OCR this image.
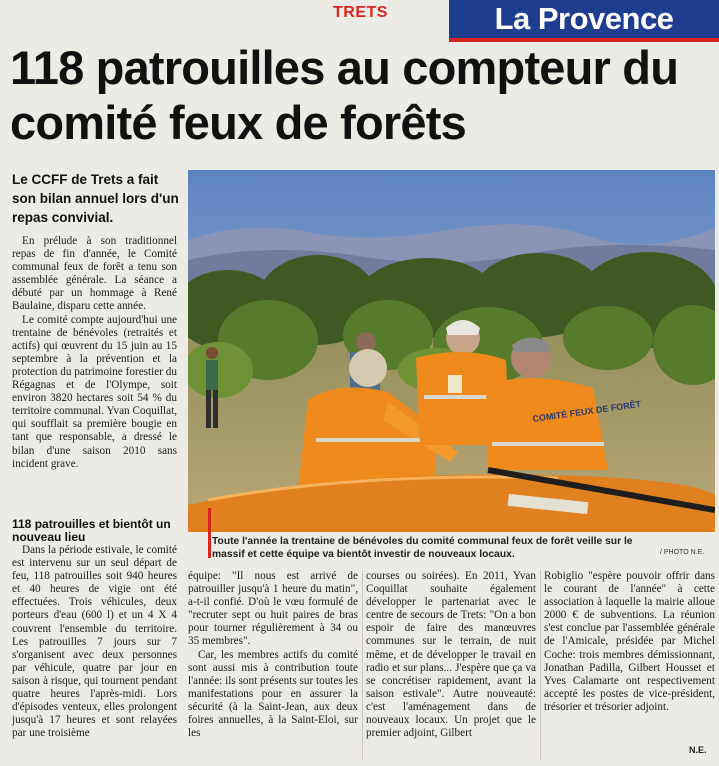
TRETS	La Provence
118 patrouilles au compteur du comité feux de forêts

Le CCFF de Trets a fait son bilan annuel lors d'un repas convivial.

En prélude à son traditionnel repas de fin d'année, le Comité communal feux de forêt a tenu son assemblée générale. La séance a débuté par un hommage à René Baulaine, disparu cette année.

Le comité compte aujourd'hui une trentaine de bénévoles (retraités et actifs) qui œuvrent du 15 juin au 15 septembre à la prévention et la protection du patrimoine forestier du Régagnas et de l'Olympe, soit environ 3820 hectares soit 54 % du territoire communal. Yvan Coquillat, qui soufflait sa première bougie en tant que responsable, a dressé le bilan d'une saison 2010 sans incident grave.

118 patrouilles et bientôt un nouveau lieu

Dans la période estivale, le comité est intervenu sur un seul départ de feu, 118 patrouilles soit 940 heures et 40 heures de vigie ont été effectuées. Trois véhicules, deux porteurs d'eau (600 l) et un 4 X 4 couvrent l'ensemble du territoire. Les patrouilles 7 jours sur 7 s'organisent avec deux personnes par véhicule, quatre par jour en saison à risque, qui tournent pendant quatre heures l'après-midi. Lors d'épisodes venteux, elles prolongent jusqu'à 17 heures et sont relayées par une troisième

COMITÉ FEUX DE FORÊT

Toute l'année la trentaine de bénévoles du comité communal feux de forêt veille sur le massif et cette équipe va bientôt investir de nouveaux locaux.	/ PHOTO N.E.

équipe: "Il nous est arrivé de patrouiller jusqu'à 1 heure du matin", a-t-il confié. D'où le vœu formulé de "recruter sept ou huit paires de bras pour tourner régulièrement à 34 ou 35 membres".

Car, les membres actifs du comité sont aussi mis à contribution toute l'année: ils sont présents sur toutes les manifestations pour en assurer la sécurité (à la Saint-Jean, aux deux foires annuelles, à la Saint-Eloi, sur les

courses ou soirées). En 2011, Yvan Coquillat souhaite également développer le partenariat avec le centre de secours de Trets: "On a bon espoir de faire des manœuvres communes sur le terrain, de nuit même, et de développer le travail en radio et sur plans... J'espère que ça va se concrétiser rapidement, avant la saison estivale". Autre nouveauté: c'est l'aménagement dans de nouveaux locaux. Un projet que le premier adjoint, Gilbert

Robiglio "espère pouvoir offrir dans le courant de l'année" à cette association à laquelle la mairie alloue 2000 € de subventions. La réunion s'est conclue par l'assemblée générale de l'Amicale, présidée par Michel Coche: trois membres démissionnant, Jonathan Padilla, Gilbert Housset et Yves Calamarte ont respectivement accepté les postes de vice-président, trésorier et trésorier adjoint.

N.E.
